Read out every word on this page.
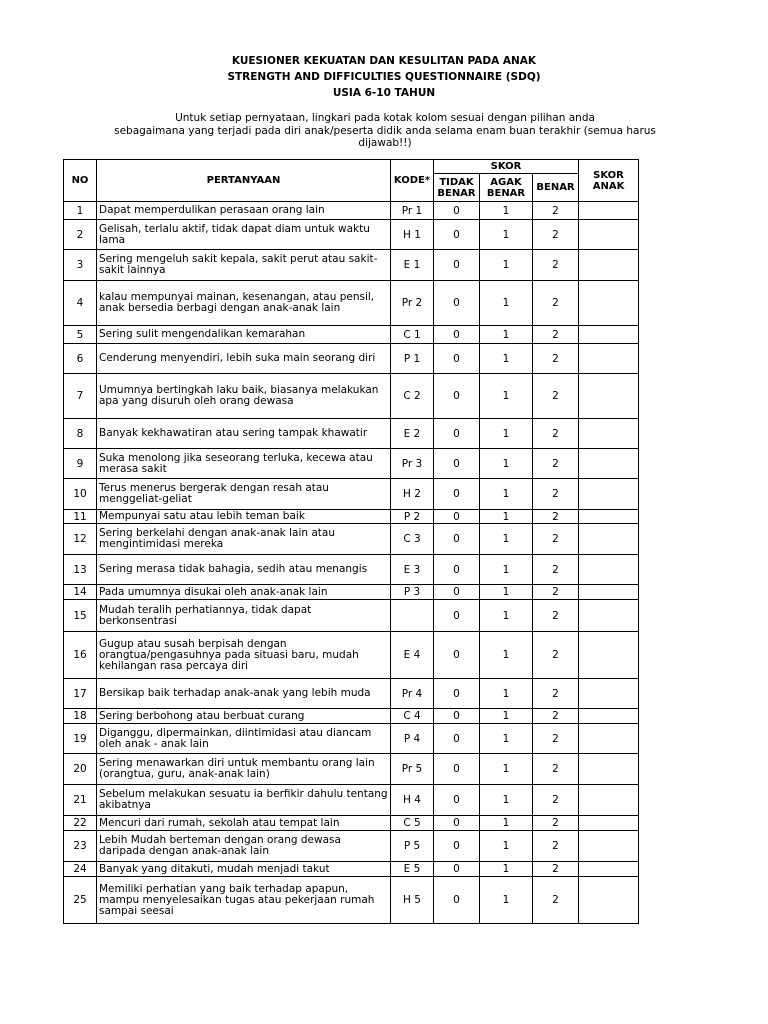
KUESIONER KEKUATAN DAN KESULITAN PADA ANAK
STRENGTH AND DIFFICULTIES QUESTIONNAIRE (SDQ)
USIA 6-10 TAHUN
Untuk setiap pernyataan, lingkari pada kotak kolom sesuai dengan pilihan anda
sebagaimana yang terjadi pada diri anak/peserta didik anda selama enam buan terakhir (semua harus
dijawab!!)
NO	PERTANYAAN	KODE*	SKOR			SKOR ANAK
			TIDAK BENAR	AGAK BENAR	BENAR	
1	Dapat memperdulikan perasaan orang lain	Pr 1	0	1	2	
2	Gelisah, terlalu aktif, tidak dapat diam untuk waktu lama	H 1	0	1	2	
3	Sering mengeluh sakit kepala, sakit perut atau sakit-sakit lainnya	E 1	0	1	2	
4	kalau mempunyai mainan, kesenangan, atau pensil, anak bersedia berbagi dengan anak-anak lain	Pr 2	0	1	2	
5	Sering sulit mengendalikan kemarahan	C 1	0	1	2	
6	Cenderung menyendiri, lebih suka main seorang diri	P 1	0	1	2	
7	Umumnya bertingkah laku baik, biasanya melakukan apa yang disuruh oleh orang dewasa	C 2	0	1	2	
8	Banyak kekhawatiran atau sering tampak khawatir	E 2	0	1	2	
9	Suka menolong jika seseorang terluka, kecewa atau merasa sakit	Pr 3	0	1	2	
10	Terus menerus bergerak dengan resah atau menggeliat-geliat	H 2	0	1	2	
11	Mempunyai satu atau lebih teman baik	P 2	0	1	2	
12	Sering berkelahi dengan anak-anak lain atau mengintimidasi mereka	C 3	0	1	2	
13	Sering merasa tidak bahagia, sedih atau menangis	E 3	0	1	2	
14	Pada umumnya disukai oleh anak-anak lain	P 3	0	1	2	
15	Mudah teralih perhatiannya, tidak dapat berkonsentrasi		0	1	2	
16	Gugup atau susah berpisah dengan orangtua/pengasuhnya pada situasi baru, mudah kehilangan rasa percaya diri	E 4	0	1	2	
17	Bersikap baik terhadap anak-anak yang lebih muda	Pr 4	0	1	2	
18	Sering berbohong atau berbuat curang	C 4	0	1	2	
19	Diganggu, dipermainkan, diintimidasi atau diancam oleh anak - anak lain	P 4	0	1	2	
20	Sering menawarkan diri untuk membantu orang lain (orangtua, guru, anak-anak lain)	Pr 5	0	1	2	
21	Sebelum melakukan sesuatu ia berfikir dahulu tentang akibatnya	H 4	0	1	2	
22	Mencuri dari rumah, sekolah atau tempat lain	C 5	0	1	2	
23	Lebih Mudah berteman dengan orang dewasa daripada dengan anak-anak lain	P 5	0	1	2	
24	Banyak yang ditakuti, mudah menjadi takut	E 5	0	1	2	
25	Memiliki perhatian yang baik terhadap apapun, mampu menyelesaikan tugas atau pekerjaan rumah sampai seesai	H 5	0	1	2	
